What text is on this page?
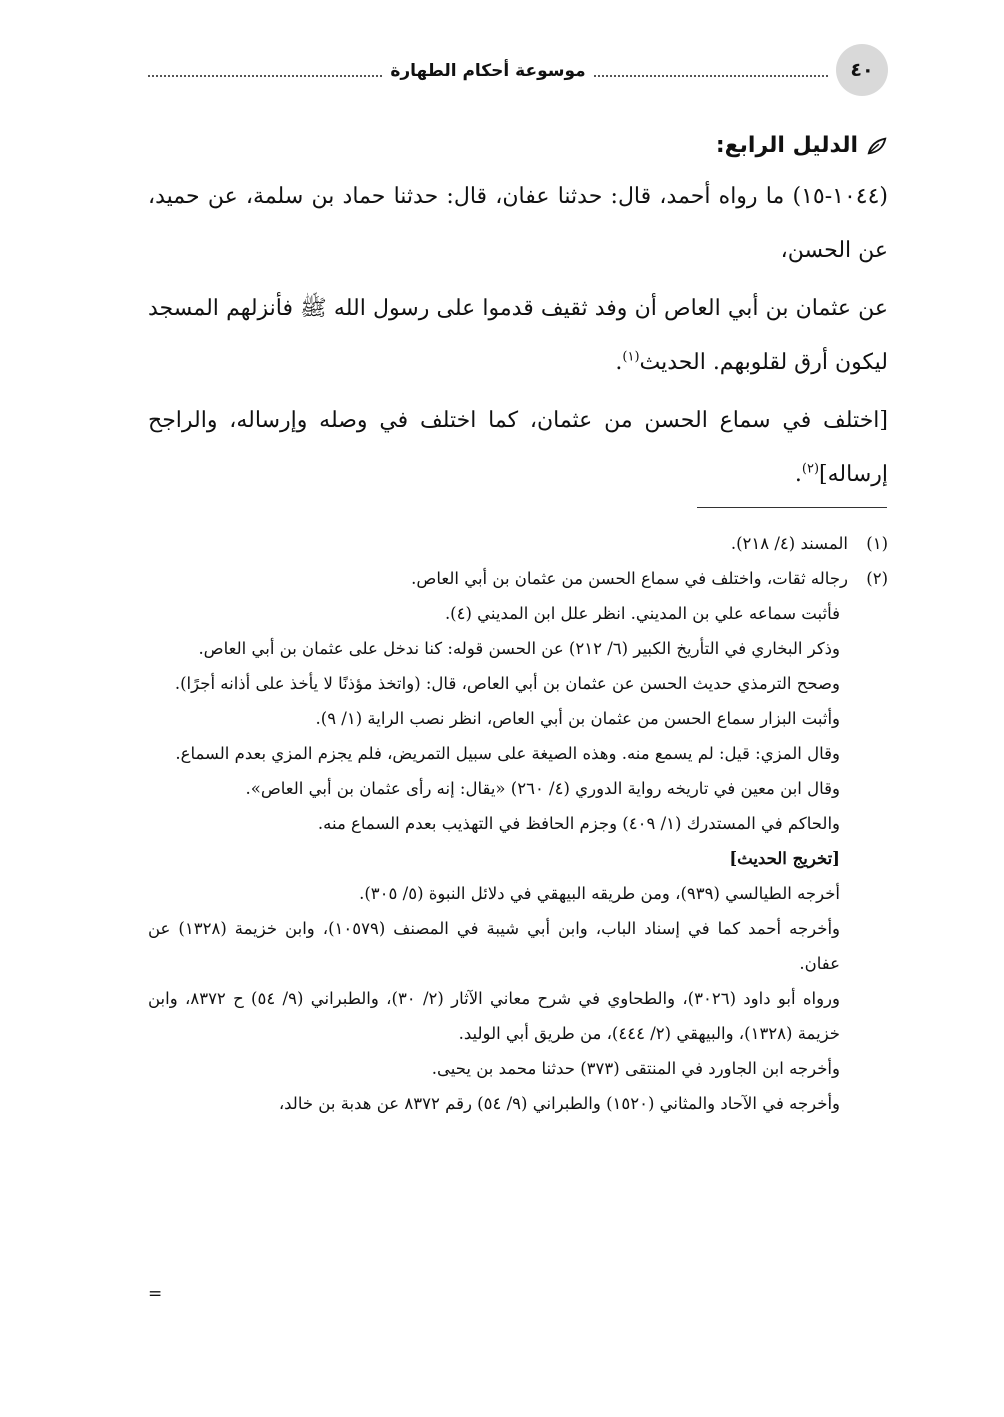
٤٠
موسوعة أحكام الطهارة
الدليل الرابع:

(١٠٤٤-١٥) ما رواه أحمد، قال: حدثنا عفان، قال: حدثنا حماد بن سلمة، عن حميد، عن الحسن،

عن عثمان بن أبي العاص أن وفد ثقيف قدموا على رسول الله ﷺ فأنزلهم المسجد ليكون أرق لقلوبهم. الحديث$^{(١)}$.

[اختلف في سماع الحسن من عثمان، كما اختلف في وصله وإرساله، والراجح إرساله]$^{(٢)}$.

(١)
المسند (٤/ ٢١٨).
(٢)
رجاله ثقات، واختلف في سماع الحسن من عثمان بن أبي العاص.

فأثبت سماعه علي بن المديني. انظر علل ابن المديني (٤).

وذكر البخاري في التأريخ الكبير (٦/ ٢١٢) عن الحسن قوله: كنا ندخل على عثمان بن أبي العاص.

وصحح الترمذي حديث الحسن عن عثمان بن أبي العاص، قال: (واتخذ مؤذنًا لا يأخذ على أذانه أجرًا).

وأثبت البزار سماع الحسن من عثمان بن أبي العاص، انظر نصب الراية (١/ ٩).

وقال المزي: قيل: لم يسمع منه. وهذه الصيغة على سبيل التمريض، فلم يجزم المزي بعدم السماع.

وقال ابن معين في تاريخه رواية الدوري (٤/ ٢٦٠) «يقال: إنه رأى عثمان بن أبي العاص».

والحاكم في المستدرك (١/ ٤٠٩) وجزم الحافظ في التهذيب بعدم السماع منه.

[تخريج الحديث]

أخرجه الطيالسي (٩٣٩)، ومن طريقه البيهقي في دلائل النبوة (٥/ ٣٠٥).

وأخرجه أحمد كما في إسناد الباب، وابن أبي شيبة في المصنف (١٠٥٧٩)، وابن خزيمة (١٣٢٨) عن عفان.

ورواه أبو داود (٣٠٢٦)، والطحاوي في شرح معاني الآثار (٢/ ٣٠)، والطبراني (٩/ ٥٤) ح ٨٣٧٢، وابن خزيمة (١٣٢٨)، والبيهقي (٢/ ٤٤٤)، من طريق أبي الوليد.

وأخرجه ابن الجاورد في المنتقى (٣٧٣) حدثنا محمد بن يحيى.

وأخرجه في الآحاد والمثاني (١٥٢٠) والطبراني (٩/ ٥٤) رقم ٨٣٧٢ عن هدبة بن خالد،

=
